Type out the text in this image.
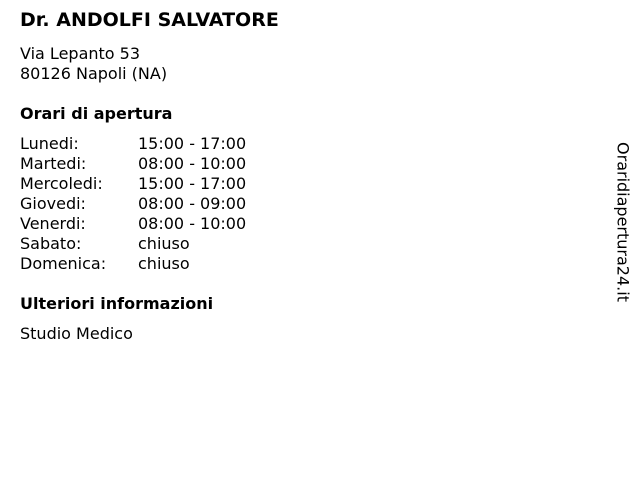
Dr. ANDOLFI SALVATORE
Via Lepanto 53
80126 Napoli (NA)
Orari di apertura
Lunedi:	15:00 - 17:00
Martedi:	08:00 - 10:00
Mercoledi:	15:00 - 17:00
Giovedi:	08:00 - 09:00
Venerdi:	08:00 - 10:00
Sabato:	chiuso
Domenica:	chiuso
Ulteriori informazioni
Studio Medico
Oraridiapertura24.it
